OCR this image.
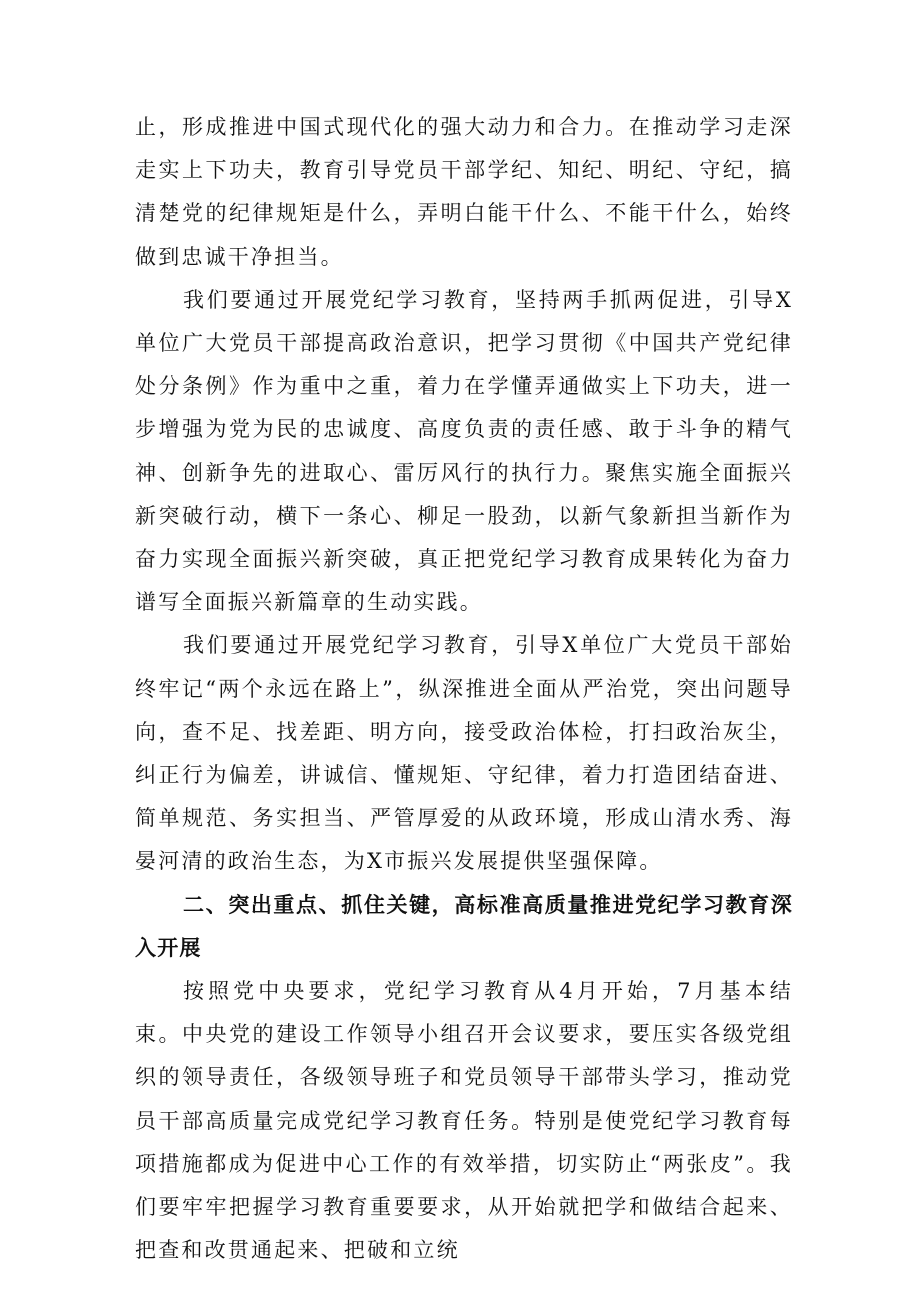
止，形成推进中国式现代化的强大动力和合力。在推动学习走深走实上下功夫，教育引导党员干部学纪、知纪、明纪、守纪，搞清楚党的纪律规矩是什么，弄明白能干什么、不能干什么，始终做到忠诚干净担当。

我们要通过开展党纪学习教育，坚持两手抓两促进，引导X单位广大党员干部提高政治意识，把学习贯彻《中国共产党纪律处分条例》作为重中之重，着力在学懂弄通做实上下功夫，进一步增强为党为民的忠诚度、高度负责的责任感、敢于斗争的精气神、创新争先的进取心、雷厉风行的执行力。聚焦实施全面振兴新突破行动，横下一条心、柳足一股劲，以新气象新担当新作为奋力实现全面振兴新突破，真正把党纪学习教育成果转化为奋力谱写全面振兴新篇章的生动实践。

我们要通过开展党纪学习教育，引导X单位广大党员干部始终牢记“两个永远在路上”，纵深推进全面从严治党，突出问题导向，查不足、找差距、明方向，接受政治体检，打扫政治灰尘，纠正行为偏差，讲诚信、懂规矩、守纪律，着力打造团结奋进、简单规范、务实担当、严管厚爱的从政环境，形成山清水秀、海晏河清的政治生态，为X市振兴发展提供坚强保障。

二、突出重点、抓住关键，高标准高质量推进党纪学习教育深入开展

按照党中央要求，党纪学习教育从4月开始，7月基本结束。中央党的建设工作领导小组召开会议要求，要压实各级党组织的领导责任，各级领导班子和党员领导干部带头学习，推动党员干部高质量完成党纪学习教育任务。特别是使党纪学习教育每项措施都成为促进中心工作的有效举措，切实防止“两张皮”。我们要牢牢把握学习教育重要要求，从开始就把学和做结合起来、把查和改贯通起来、把破和立统
